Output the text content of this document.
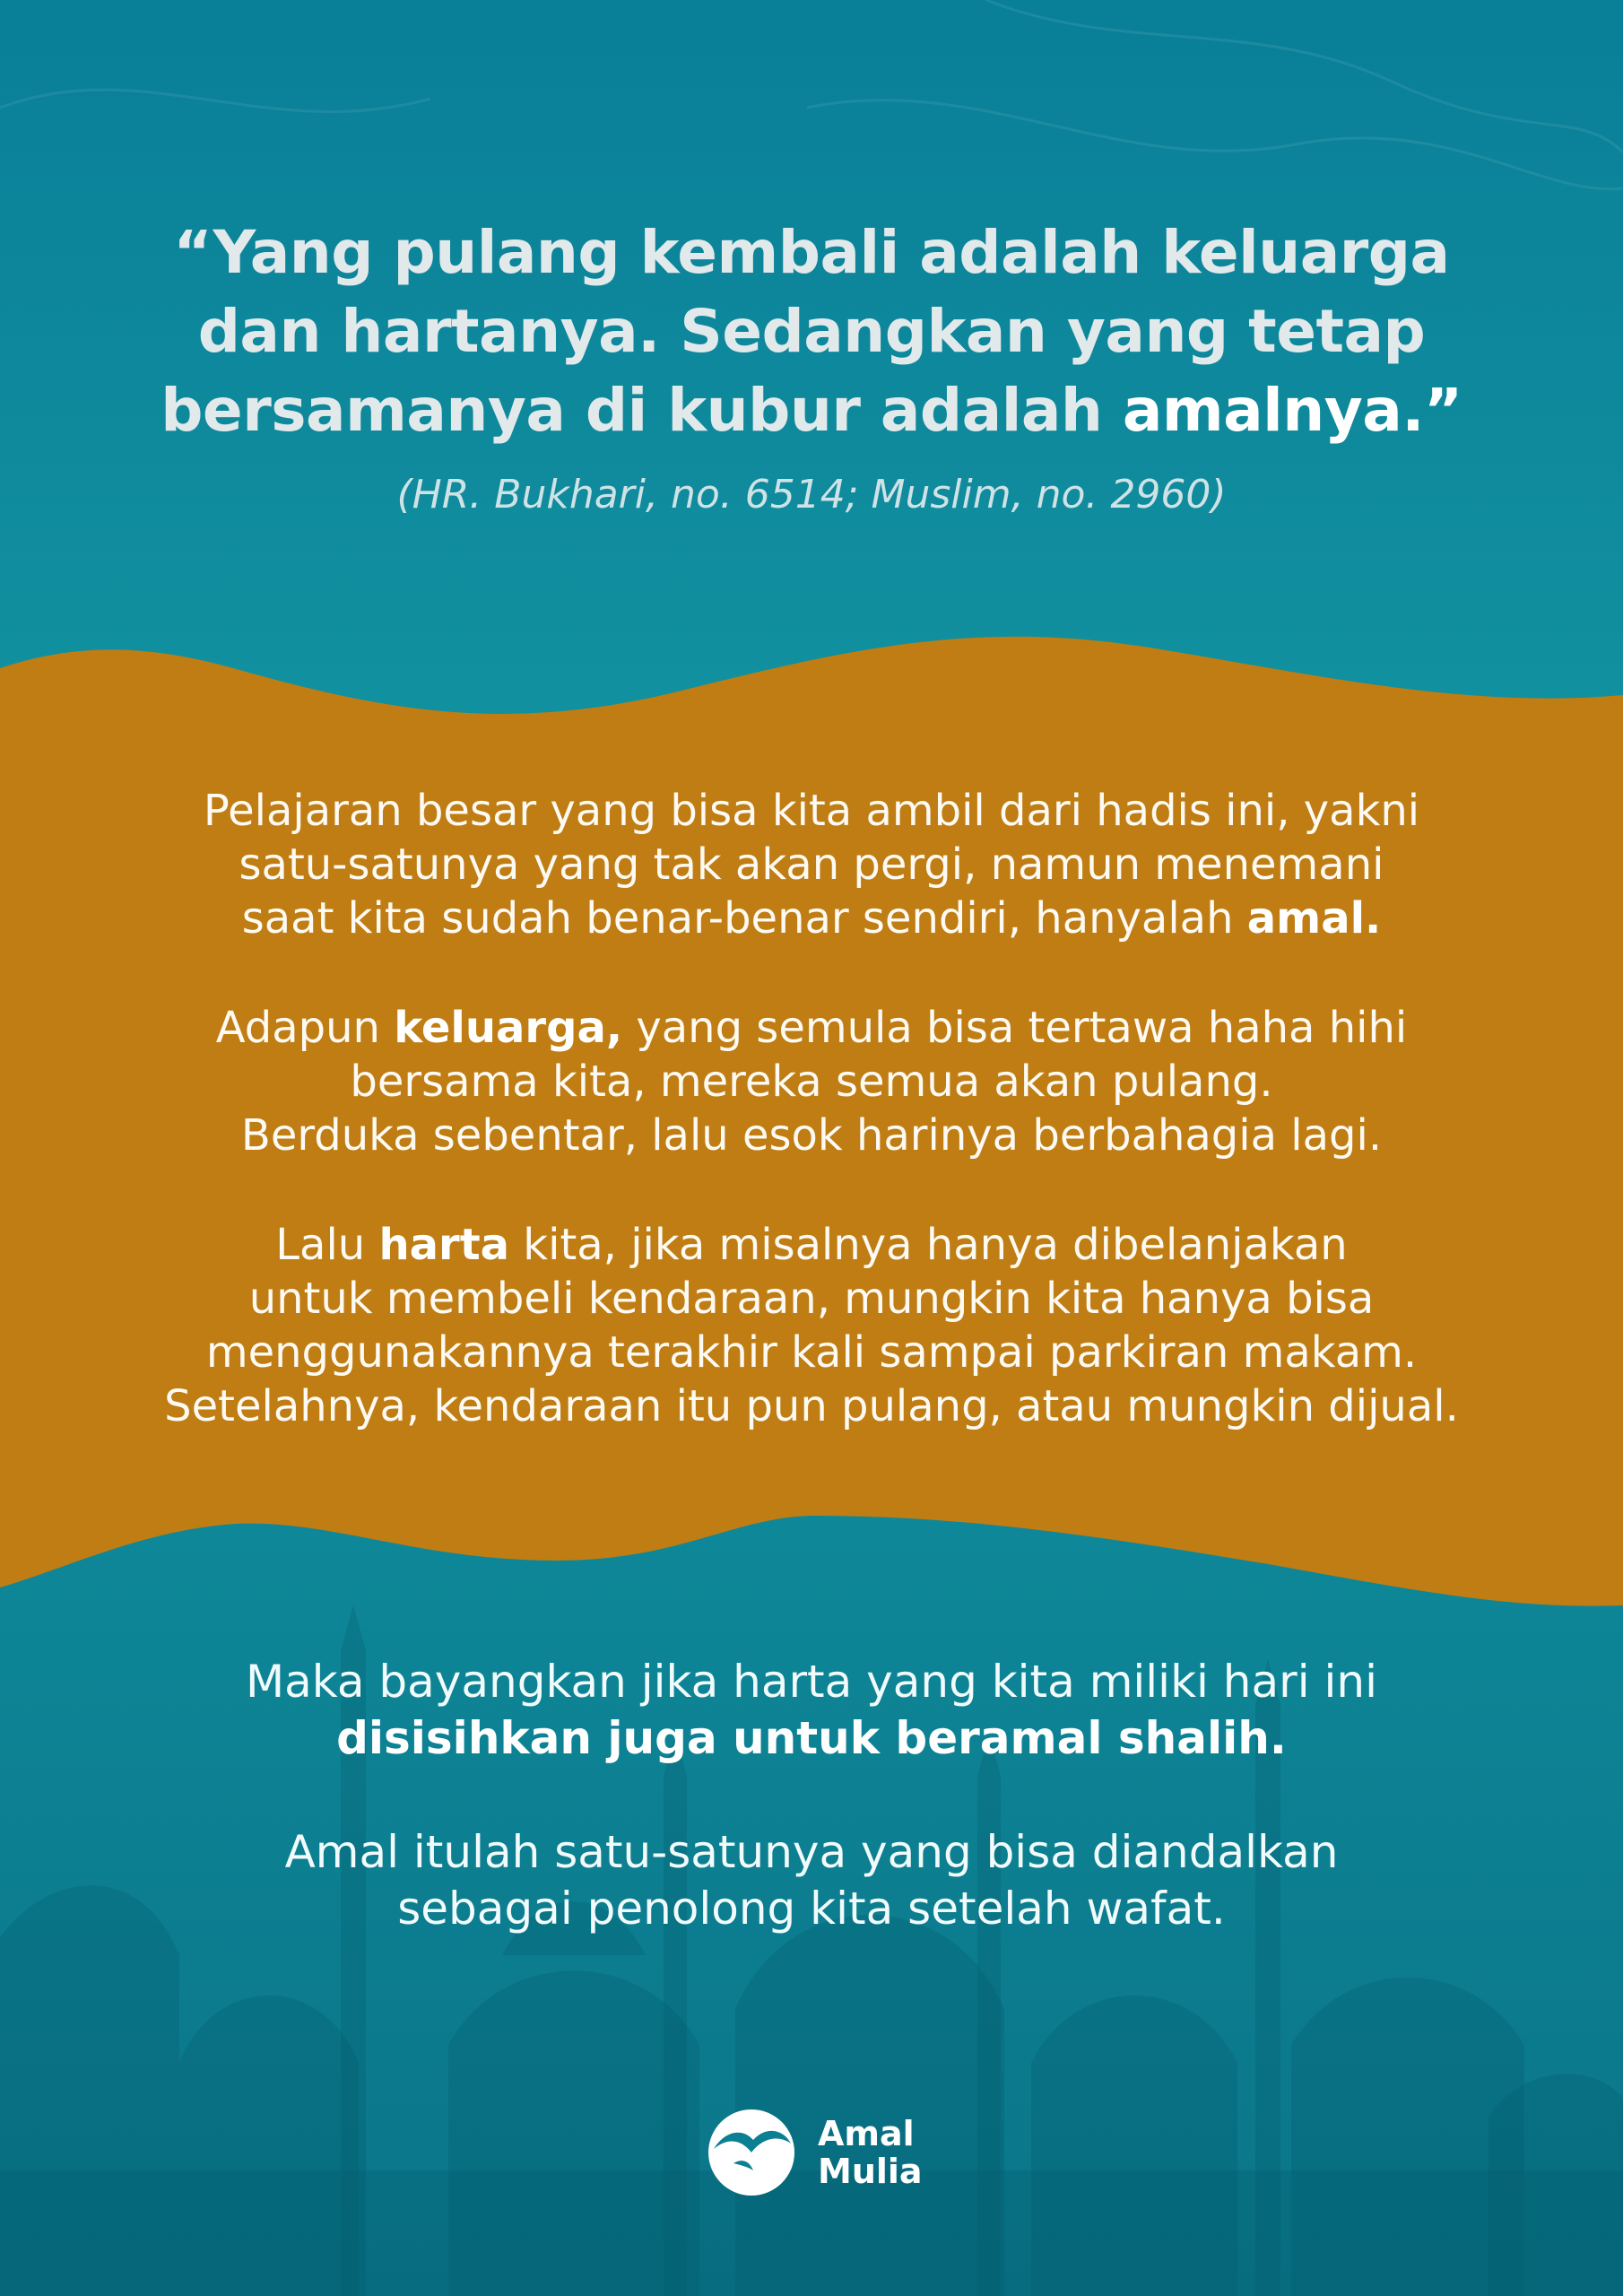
“Yang pulang kembali adalah keluarga
dan hartanya. Sedangkan yang tetap
bersamanya di kubur adalah amalnya.”
(HR. Bukhari, no. 6514; Muslim, no. 2960)
Pelajaran besar yang bisa kita ambil dari hadis ini, yakni
satu-satunya yang tak akan pergi, namun menemani
saat kita sudah benar-benar sendiri, hanyalah amal.
Adapun keluarga, yang semula bisa tertawa haha hihi
bersama kita, mereka semua akan pulang.
Berduka sebentar, lalu esok harinya berbahagia lagi.
Lalu harta kita, jika misalnya hanya dibelanjakan
untuk membeli kendaraan, mungkin kita hanya bisa
menggunakannya terakhir kali sampai parkiran makam.
Setelahnya, kendaraan itu pun pulang, atau mungkin dijual.
Maka bayangkan jika harta yang kita miliki hari ini
disisihkan juga untuk beramal shalih.
Amal itulah satu-satunya yang bisa diandalkan
sebagai penolong kita setelah wafat.
Amal
Mulia
